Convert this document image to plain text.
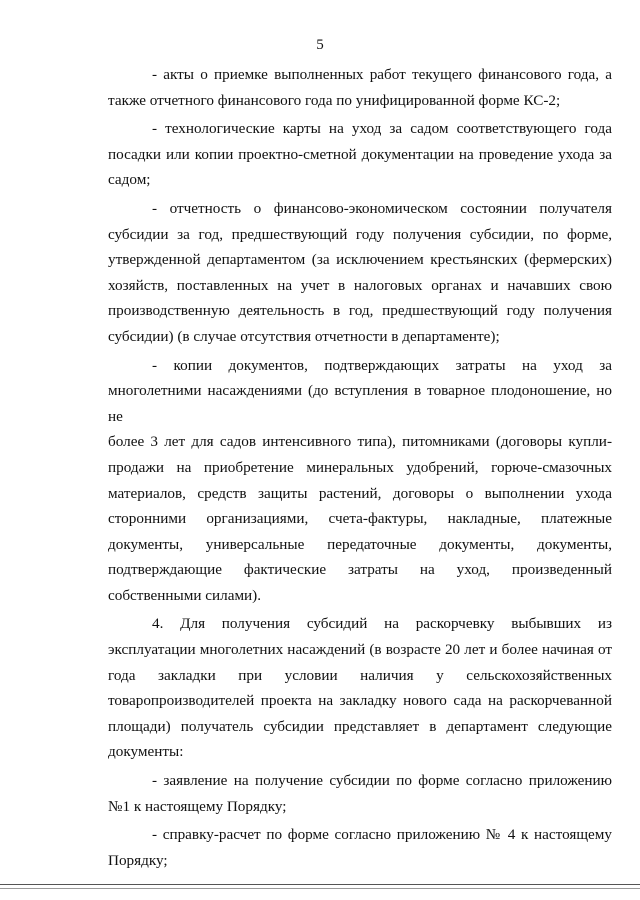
5
- акты о приемке выполненных работ текущего финансового года, а
также отчетного финансового года по унифицированной форме КС-2;
- технологические карты на уход за садом соответствующего года
посадки или копии проектно-сметной документации на проведение ухода за
садом;
- отчетность о финансово-экономическом состоянии получателя
субсидии за год, предшествующий году получения субсидии, по форме,
утвержденной департаментом (за исключением крестьянских (фермерских)
хозяйств, поставленных на учет в налоговых органах и начавших свою
производственную деятельность в год, предшествующий году получения
субсидии) (в случае отсутствия отчетности в департаменте);
- копии документов, подтверждающих затраты на уход за
многолетними насаждениями (до вступления в товарное плодоношение, но не
более 3 лет для садов интенсивного типа), питомниками (договоры купли-
продажи на приобретение минеральных удобрений, горюче-смазочных
материалов, средств защиты растений, договоры о выполнении ухода
сторонними организациями, счета-фактуры, накладные, платежные
документы, универсальные передаточные документы, документы,
подтверждающие фактические затраты на уход, произведенный
собственными силами).
4. Для получения субсидий на раскорчевку выбывших из
эксплуатации многолетних насаждений (в возрасте 20 лет и более начиная от
года закладки при условии наличия у сельскохозяйственных
товаропроизводителей проекта на закладку нового сада на раскорчеванной
площади) получатель субсидии представляет в департамент следующие
документы:
- заявление на получение субсидии по форме согласно приложению
№1 к настоящему Порядку;
- справку-расчет по форме согласно приложению № 4 к настоящему
Порядку;
